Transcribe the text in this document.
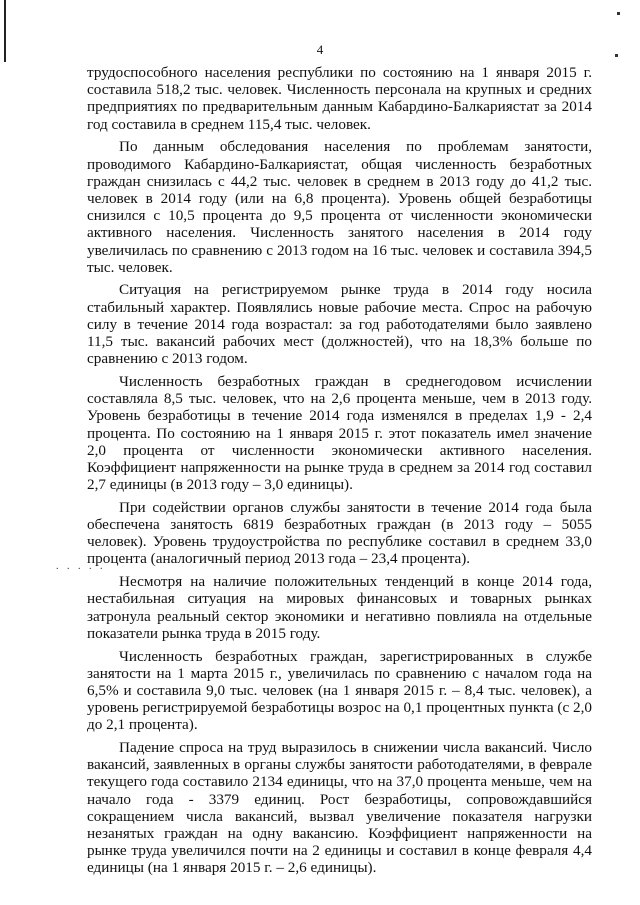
4
. . . . .

трудоспособного населения республики по состоянию на 1 января 2015 г. составила 518,2 тыс. человек. Численность персонала на крупных и средних предприятиях по предварительным данным Кабардино-Балкариястат за 2014 год составила в среднем 115,4 тыс. человек.

По данным обследования населения по проблемам занятости, проводимого Кабардино-Балкариястат, общая численность безработных граждан снизилась с 44,2 тыс. человек в среднем в 2013 году до 41,2 тыс. человек в 2014 году (или на 6,8 процента). Уровень общей безработицы снизился с 10,5 процента до 9,5 процента от численности экономически активного населения. Численность занятого населения в 2014 году увеличилась по сравнению с 2013 годом на 16 тыс. человек и составила 394,5 тыс. человек.

Ситуация на регистрируемом рынке труда в 2014 году носила стабильный характер. Появлялись новые рабочие места. Спрос на рабочую силу в течение 2014 года возрастал: за год работодателями было заявлено 11,5 тыс. вакансий рабочих мест (должностей), что на 18,3% больше по сравнению с 2013 годом.

Численность безработных граждан в среднегодовом исчислении составляла 8,5 тыс. человек, что на 2,6 процента меньше, чем в 2013 году. Уровень безработицы в течение 2014 года изменялся в пределах 1,9 - 2,4 процента. По состоянию на 1 января 2015 г. этот показатель имел значение 2,0 процента от численности экономически активного населения. Коэффициент напряженности на рынке труда в среднем за 2014 год составил 2,7 единицы (в 2013 году – 3,0 единицы).

При содействии органов службы занятости в течение 2014 года была обеспечена занятость 6819 безработных граждан (в 2013 году – 5055 человек). Уровень трудоустройства по республике составил в среднем 33,0 процента (аналогичный период 2013 года – 23,4 процента).

Несмотря на наличие положительных тенденций в конце 2014 года, нестабильная ситуация на мировых финансовых и товарных рынках затронула реальный сектор экономики и негативно повлияла на отдельные показатели рынка труда в 2015 году.

Численность безработных граждан, зарегистрированных в службе занятости на 1 марта 2015 г., увеличилась по сравнению с началом года на 6,5% и составила 9,0 тыс. человек (на 1 января 2015 г. – 8,4 тыс. человек), а уровень регистрируемой безработицы возрос на 0,1 процентных пункта (с 2,0 до 2,1 процента).

Падение спроса на труд выразилось в снижении числа вакансий. Число вакансий, заявленных в органы службы занятости работодателями, в феврале текущего года составило 2134 единицы, что на 37,0 процента меньше, чем на начало года - 3379 единиц. Рост безработицы, сопровождавшийся сокращением числа вакансий, вызвал увеличение показателя нагрузки незанятых граждан на одну вакансию. Коэффициент напряженности на рынке труда увеличился почти на 2 единицы и составил в конце февраля 4,4 единицы (на 1 января 2015 г. – 2,6 единицы).
